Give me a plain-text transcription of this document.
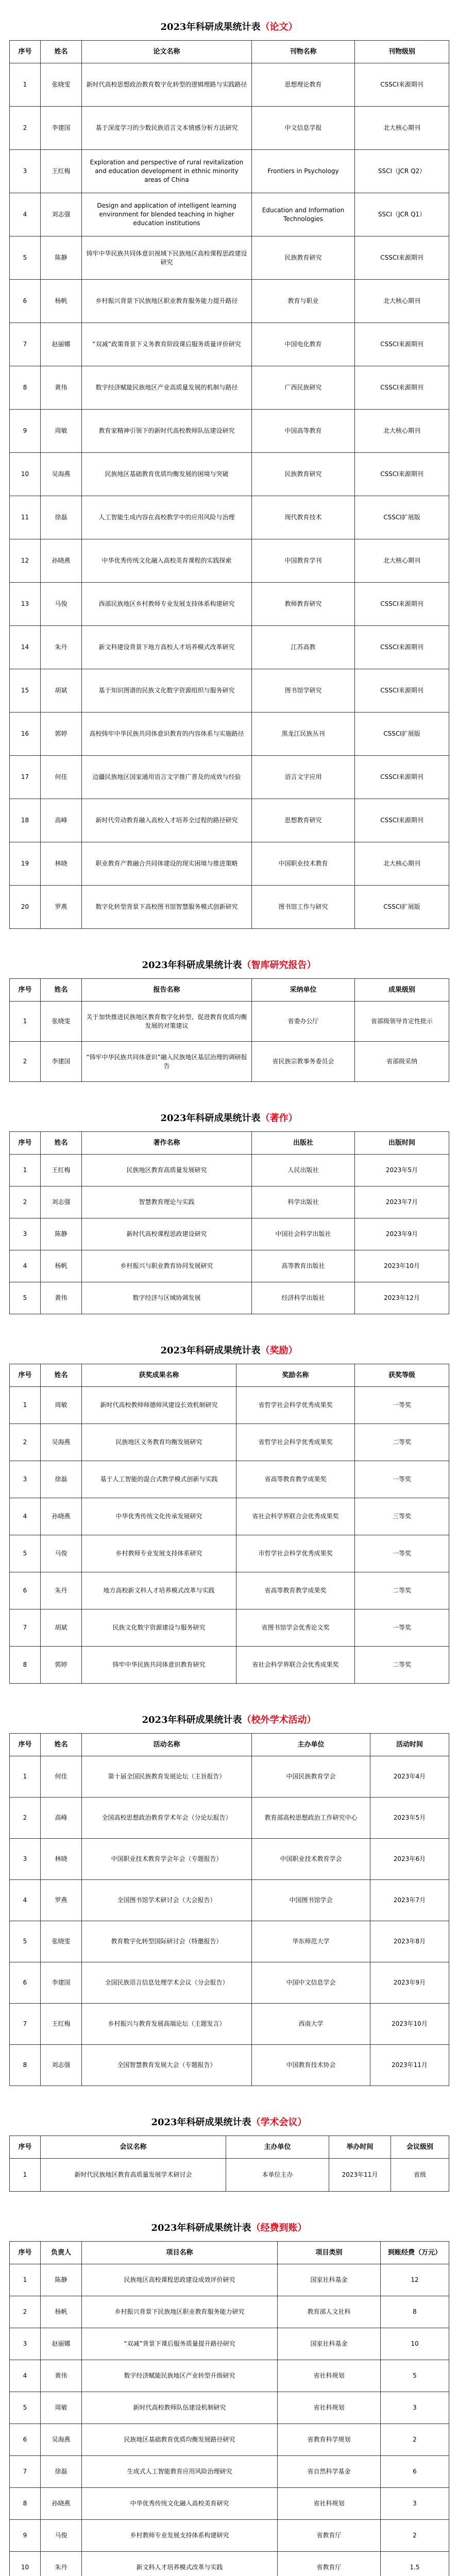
2023年科研成果统计表（论文）
序号	姓名	论文名称	刊物名称	刊物级别
1	张晓雯	新时代高校思想政治教育数字化转型的逻辑理路与实践路径	思想理论教育	CSSCI来源期刊
2	李建国	基于深度学习的少数民族语言文本情感分析方法研究	中文信息学报	北大核心期刊
3	王红梅	Exploration and perspective of rural revitalization and education development in ethnic minority areas of China	Frontiers in Psychology	SSCI（JCR Q2）
4	刘志强	Design and application of intelligent learning environment for blended teaching in higher education institutions	Education and Information Technologies	SSCI（JCR Q1）
5	陈静	铸牢中华民族共同体意识视域下民族地区高校课程思政建设研究	民族教育研究	CSSCI来源期刊
6	杨帆	乡村振兴背景下民族地区职业教育服务能力提升路径	教育与职业	北大核心期刊
7	赵丽娜	“双减”政策背景下义务教育阶段课后服务质量评价研究	中国电化教育	CSSCI来源期刊
8	黄伟	数字经济赋能民族地区产业高质量发展的机制与路径	广西民族研究	CSSCI来源期刊
9	周敏	教育家精神引领下的新时代高校教师队伍建设研究	中国高等教育	北大核心期刊
10	吴海燕	民族地区基础教育优质均衡发展的困境与突破	民族教育研究	CSSCI来源期刊
11	徐磊	人工智能生成内容在高校教学中的应用风险与治理	现代教育技术	CSSCI扩展版
12	孙晓燕	中华优秀传统文化融入高校美育课程的实践探索	中国教育学刊	北大核心期刊
13	马俊	西部民族地区乡村教师专业发展支持体系构建研究	教师教育研究	CSSCI来源期刊
14	朱丹	新文科建设背景下地方高校人才培养模式改革研究	江苏高教	CSSCI来源期刊
15	胡斌	基于知识图谱的民族文化数字资源组织与服务研究	图书馆学研究	CSSCI来源期刊
16	郭婷	高校铸牢中华民族共同体意识教育的内容体系与实施路径	黑龙江民族丛刊	CSSCI扩展版
17	何佳	边疆民族地区国家通用语言文字推广普及的成效与经验	语言文字应用	CSSCI来源期刊
18	高峰	新时代劳动教育融入高校人才培养全过程的路径研究	思想教育研究	CSSCI来源期刊
19	林晓	职业教育产教融合共同体建设的现实困境与推进策略	中国职业技术教育	北大核心期刊
20	罗燕	数字化转型背景下高校图书馆智慧服务模式创新研究	图书馆工作与研究	CSSCI扩展版
2023年科研成果统计表（智库研究报告）
序号	姓名	报告名称	采纳单位	成果级别
1	张晓雯	关于加快推进民族地区教育数字化转型、促进教育优质均衡发展的对策建议	省委办公厅	省部级领导肯定性批示
2	李建国	“铸牢中华民族共同体意识”融入民族地区基层治理的调研报告	省民族宗教事务委员会	省部级采纳
2023年科研成果统计表（著作）
序号	姓名	著作名称	出版社	出版时间
1	王红梅	民族地区教育高质量发展研究	人民出版社	2023年5月
2	刘志强	智慧教育理论与实践	科学出版社	2023年7月
3	陈静	新时代高校课程思政建设研究	中国社会科学出版社	2023年9月
4	杨帆	乡村振兴与职业教育协同发展研究	高等教育出版社	2023年10月
5	黄伟	数字经济与区域协调发展	经济科学出版社	2023年12月
2023年科研成果统计表（奖励）
序号	姓名	获奖成果名称	奖励名称	获奖等级
1	周敏	新时代高校教师师德师风建设长效机制研究	省哲学社会科学优秀成果奖	一等奖
2	吴海燕	民族地区义务教育均衡发展研究	省哲学社会科学优秀成果奖	二等奖
3	徐磊	基于人工智能的混合式教学模式创新与实践	省高等教育教学成果奖	一等奖
4	孙晓燕	中华优秀传统文化传承发展研究	省社会科学界联合会优秀成果奖	三等奖
5	马俊	乡村教师专业发展支持体系研究	市哲学社会科学优秀成果奖	一等奖
6	朱丹	地方高校新文科人才培养模式改革与实践	省高等教育教学成果奖	二等奖
7	胡斌	民族文化数字资源建设与服务研究	省图书馆学会优秀论文奖	一等奖
8	郭婷	铸牢中华民族共同体意识教育研究	省社会科学界联合会优秀成果奖	二等奖
2023年科研成果统计表（校外学术活动）
序号	姓名	活动名称	主办单位	活动时间
1	何佳	第十届全国民族教育发展论坛（主旨报告）	中国民族教育学会	2023年4月
2	高峰	全国高校思想政治教育学术年会（分论坛报告）	教育部高校思想政治工作研究中心	2023年5月
3	林晓	中国职业技术教育学会年会（专题报告）	中国职业技术教育学会	2023年6月
4	罗燕	全国图书馆学术研讨会（大会报告）	中国图书馆学会	2023年7月
5	张晓雯	教育数字化转型国际研讨会（特邀报告）	华东师范大学	2023年8月
6	李建国	全国民族语言信息处理学术会议（分会报告）	中国中文信息学会	2023年9月
7	王红梅	乡村振兴与教育发展高端论坛（主题发言）	西南大学	2023年10月
8	刘志强	全国智慧教育发展大会（专题报告）	中国教育技术协会	2023年11月
2023年科研成果统计表（学术会议）
序号	会议名称	主办单位	举办时间	会议级别
1	新时代民族地区教育高质量发展学术研讨会	本单位主办	2023年11月	省级
2023年科研成果统计表（经费到账）
序号	负责人	项目名称	项目类别	到账经费（万元）
1	陈静	民族地区高校课程思政建设成效评价研究	国家社科基金	12
2	杨帆	乡村振兴背景下民族地区职业教育服务能力研究	教育部人文社科	8
3	赵丽娜	“双减”背景下课后服务质量提升路径研究	国家社科基金	10
4	黄伟	数字经济赋能民族地区产业转型升级研究	省社科规划	5
5	周敏	新时代高校教师队伍建设机制研究	省社科规划	3
6	吴海燕	民族地区基础教育优质均衡发展路径研究	省教育科学规划	2
7	徐磊	生成式人工智能教育应用风险治理研究	省自然科学基金	6
8	孙晓燕	中华优秀传统文化融入高校美育研究	省社科规划	3
9	马俊	乡村教师专业发展支持体系构建研究	省教育厅	2
10	朱丹	新文科人才培养模式改革与实践	省教育厅	1.5
